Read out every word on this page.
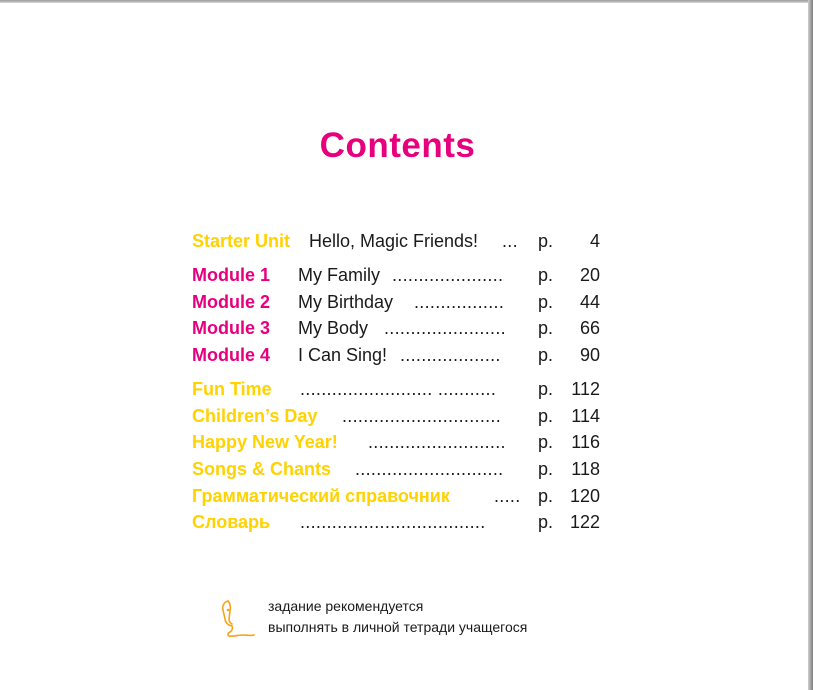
Contents
Starter Unit Hello, Magic Friends! ... p. 4
Module 1 My Family ..................... p. 20
Module 2 My Birthday ................. p. 44
Module 3 My Body ....................... p. 66
Module 4 I Can Sing! ................... p. 90
Fun Time ......................... ........... p. 112
Children’s Day .............................. p. 114
Happy New Year! .......................... p. 116
Songs & Chants ............................ p. 118
Грамматический справочник ..... p. 120
Словарь ...................................	p. 122
задание рекомендуется
выполнять в личной тетради учащегося
